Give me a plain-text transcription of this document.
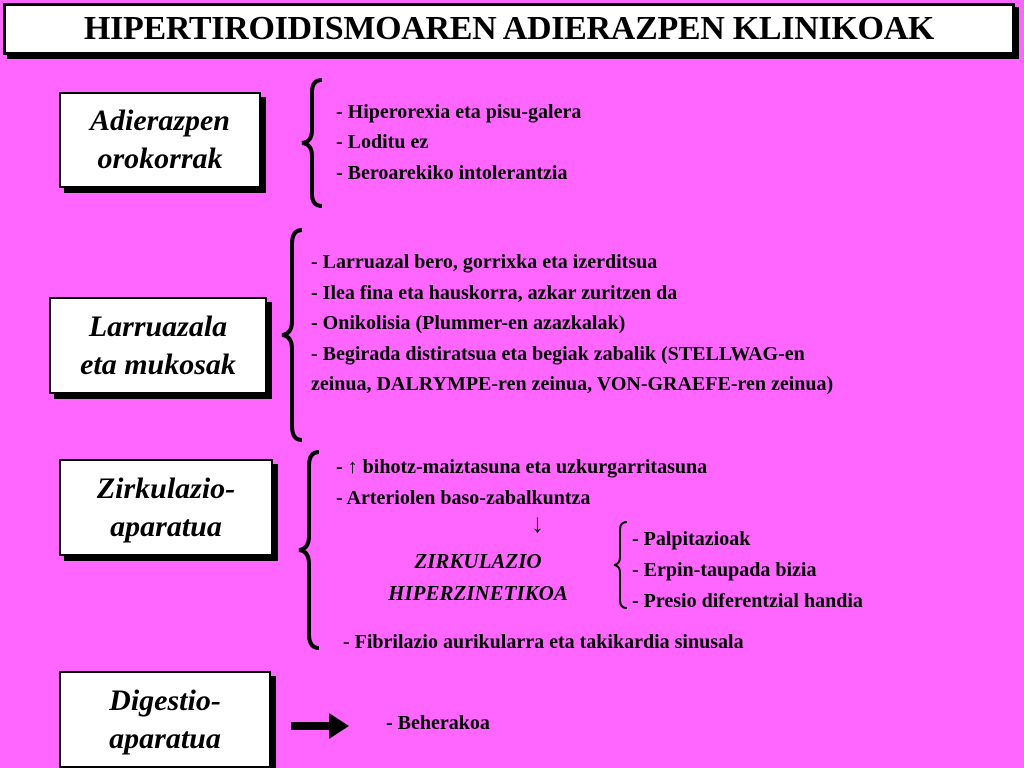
HIPERTIROIDISMOAREN ADIERAZPEN KLINIKOAK
Adierazpen
orokorrak
- Hiperorexia eta pisu-galera
- Loditu ez
- Beroarekiko intolerantzia
Larruazala
eta mukosak
- Larruazal bero, gorrixka eta izerditsua
- Ilea fina eta hauskorra, azkar zuritzen da
- Onikolisia (Plummer-en azazkalak)
- Begirada distiratsua eta begiak zabalik (STELLWAG-en
zeinua, DALRYMPE-ren zeinua, VON-GRAEFE-ren zeinua)
Zirkulazio-
aparatua
- ↑ bihotz-maiztasuna eta uzkurgarritasuna
- Arteriolen baso-zabalkuntza
↓
ZIRKULAZIO
HIPERZINETIKOA
- Palpitazioak
- Erpin-taupada bizia
- Presio diferentzial handia
- Fibrilazio aurikularra eta takikardia sinusala
Digestio-
aparatua	- Beherakoa
